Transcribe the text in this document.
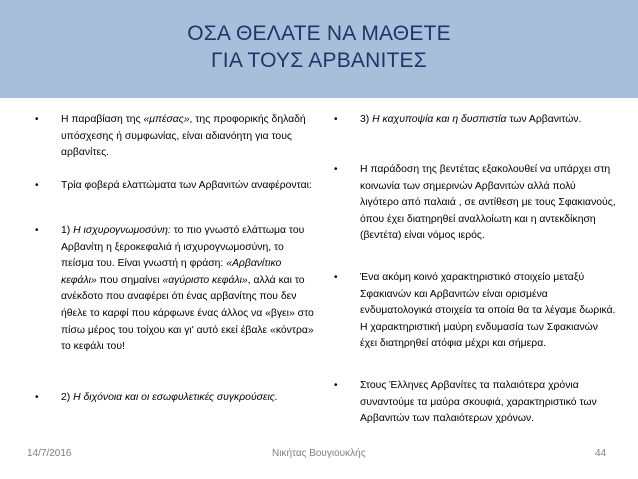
ΟΣΑ ΘΕΛΑΤΕ ΝΑ ΜΑΘΕΤΕ
ΓΙΑ ΤΟΥΣ ΑΡΒΑΝΙΤΕΣ
• Η παραβίαση της «μπέσας», της προφορικής δηλαδή υπόσχεσης ή συμφωνίας, είναι αδιανόητη για τους αρβανίτες.
• Τρία φοβερά ελαττώματα των Αρβανιτών αναφέρονται:
• 1) Η ισχυρογνωμοσύνη: το πιο γνωστό ελάττωμα του Αρβανίτη η ξεροκεφαλιά ή ισχυρογνωμοσύνη, το πείσμα του. Είναι γνωστή η φράση: «Αρβανίτικο κεφάλι» που σημαίνει «αγύριστο κεφάλι», αλλά και το ανέκδοτο που αναφέρει ότι ένας αρβανίτης που δεν ήθελε το καρφί που κάρφωνε ένας άλλος να «βγει» στο πίσω μέρος του τοίχου και γι' αυτό εκεί έβαλε «κόντρα» το κεφάλι του!
• 2) Η διχόνοια και οι εσωφυλετικές συγκρούσεις.
• 3) Η καχυποψία και η δυσπιστία των Αρβανιτών.
• Η παράδοση της βεντέτας εξακολουθεί να υπάρχει στη κοινωνία των σημερινών Αρβανιτών αλλά πολύ λιγότερο από παλαιά , σε αντίθεση με τους Σφακιανούς, όπου έχει διατηρηθεί αναλλοίωτη και η αντεκδίκηση (βεντέτα) είναι νόμος ιερός.
• Ένα ακόμη κοινό χαρακτηριστικό στοιχείο μεταξύ Σφακιανών και Αρβανιτών είναι ορισμένα ενδυματολογικά στοιχεία τα οποία θα τα λέγαμε δωρικά. Η χαρακτηριστική μαύρη ενδυμασία των Σφακιανών έχει διατηρηθεί ατόφια μέχρι και σήμερα.
• Στους Έλληνες Αρβανίτες τα παλαιότερα χρόνια συναντούμε τα μαύρα σκουφιά, χαρακτηριστικό των Αρβανιτών των παλαιότερων χρόνων.
14/7/2016	Νικήτας Βουγιουκλής	44
